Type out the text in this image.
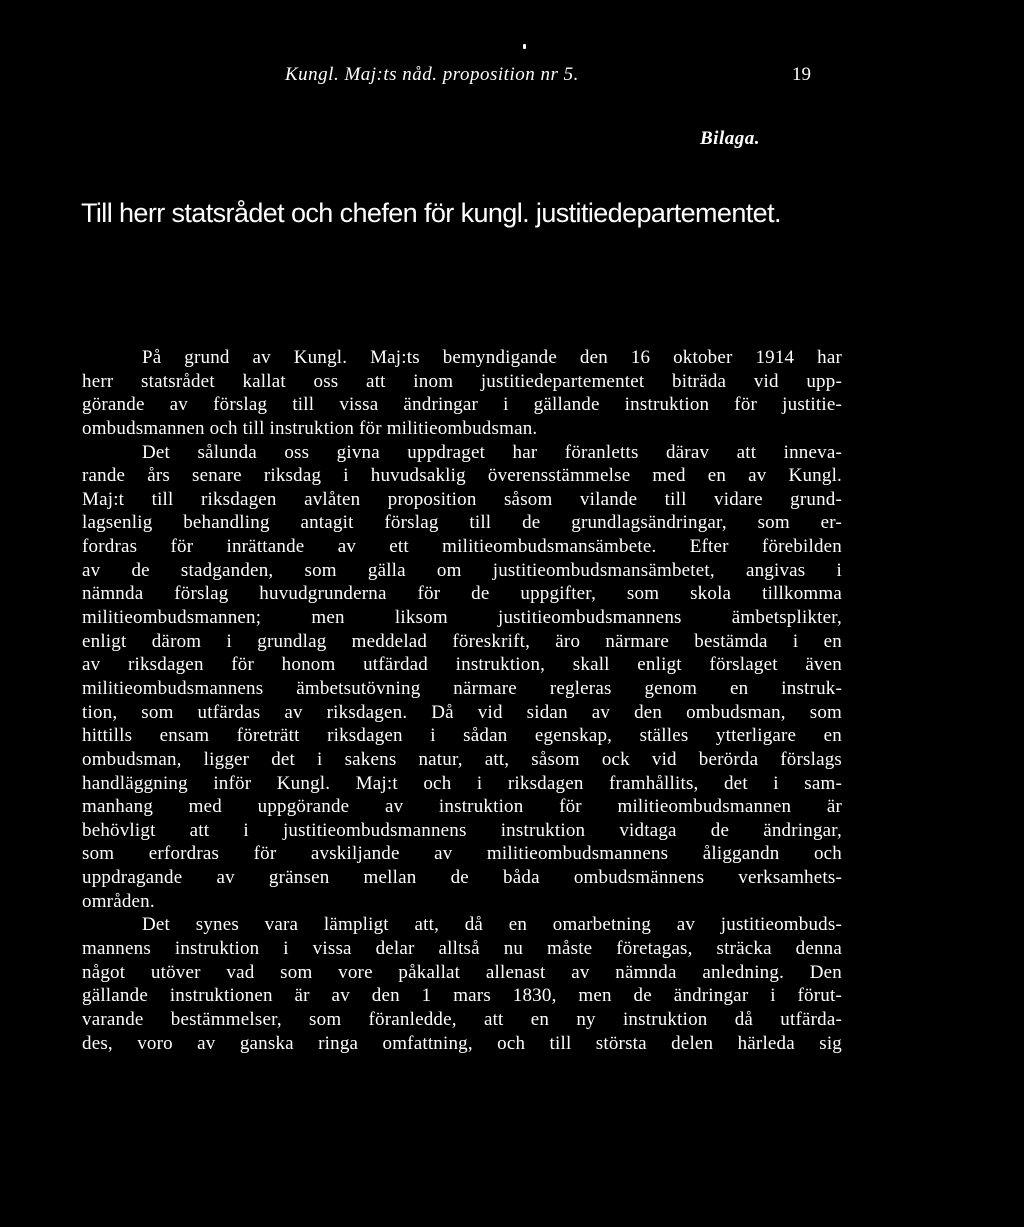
Kungl. Maj:ts nåd. proposition nr 5.	19
Bilaga.
Till herr statsrådet och chefen för kungl. justitiedepartementet.
På grund av Kungl. Maj:ts bemyndigande den 16 oktober 1914 har
herr statsrådet kallat oss att inom justitiedepartementet biträda vid upp-
görande av förslag till vissa ändringar i gällande instruktion för justitie-
ombudsmannen och till instruktion för militieombudsman.
Det sålunda oss givna uppdraget har föranletts därav att inneva-
rande års senare riksdag i huvudsaklig överensstämmelse med en av Kungl.
Maj:t till riksdagen avlåten proposition såsom vilande till vidare grund-
lagsenlig behandling antagit förslag till de grundlagsändringar, som er-
fordras för inrättande av ett militieombudsmansämbete. Efter förebilden
av de stadganden, som gälla om justitieombudsmansämbetet, angivas i
nämnda förslag huvudgrunderna för de uppgifter, som skola tillkomma
militieombudsmannen; men liksom justitieombudsmannens ämbetsplikter,
enligt därom i grundlag meddelad föreskrift, äro närmare bestämda i en
av riksdagen för honom utfärdad instruktion, skall enligt förslaget även
militieombudsmannens ämbetsutövning närmare regleras genom en instruk-
tion, som utfärdas av riksdagen. Då vid sidan av den ombudsman, som
hittills ensam företrätt riksdagen i sådan egenskap, ställes ytterligare en
ombudsman, ligger det i sakens natur, att, såsom ock vid berörda förslags
handläggning inför Kungl. Maj:t och i riksdagen framhållits, det i sam-
manhang med uppgörande av instruktion för militieombudsmannen är
behövligt att i justitieombudsmannens instruktion vidtaga de ändringar,
som erfordras för avskiljande av militieombudsmannens åliggandn och
uppdragande av gränsen mellan de båda ombudsmännens verksamhets-
områden.
Det synes vara lämpligt att, då en omarbetning av justitieombuds-
mannens instruktion i vissa delar alltså nu måste företagas, sträcka denna
något utöver vad som vore påkallat allenast av nämnda anledning. Den
gällande instruktionen är av den 1 mars 1830, men de ändringar i förut-
varande bestämmelser, som föranledde, att en ny instruktion då utfärda-
des, voro av ganska ringa omfattning, och till största delen härleda sig
